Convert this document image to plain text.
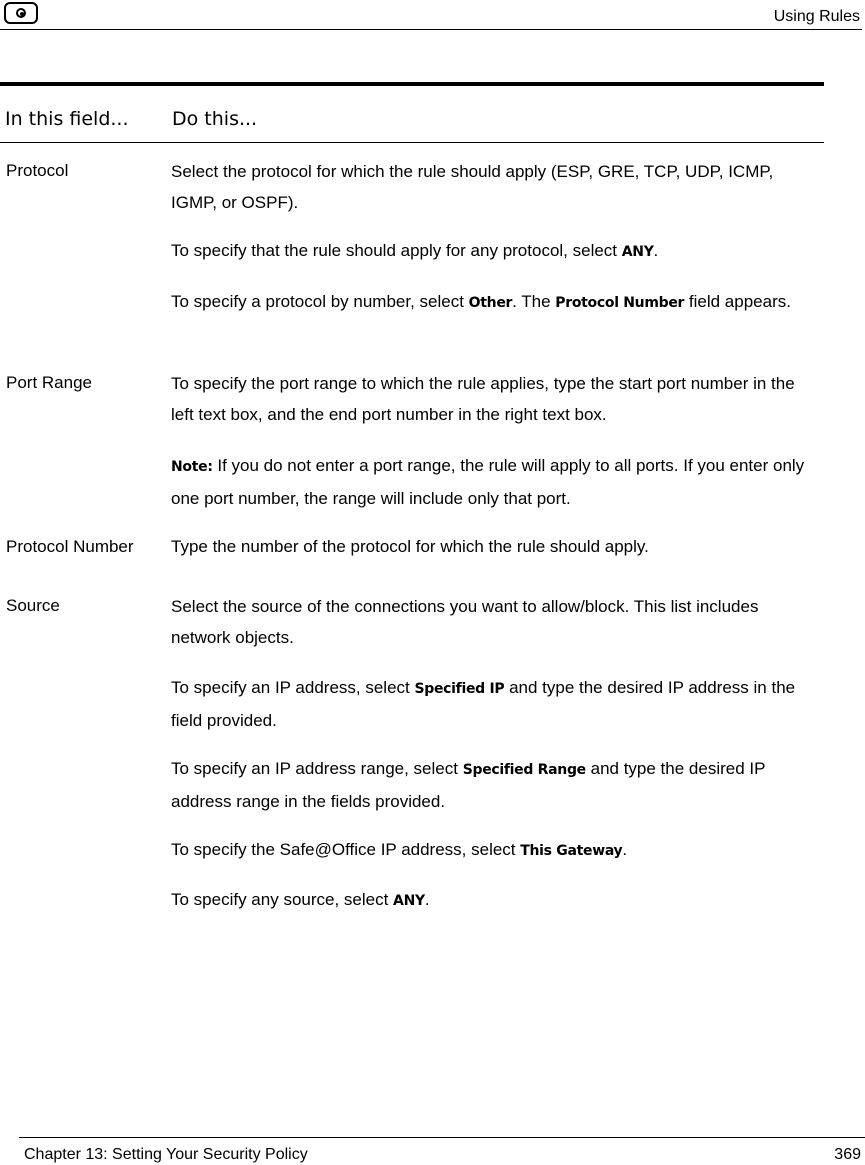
Using Rules
In this field... Do this...
Protocol	Select the protocol for which the rule should apply (ESP, GRE, TCP, UDP, ICMP, IGMP, or OSPF).
To specify that the rule should apply for any protocol, select ANY.
To specify a protocol by number, select Other. The Protocol Number field appears.
Port Range	To specify the port range to which the rule applies, type the start port number in the left text box, and the end port number in the right text box.
Note: If you do not enter a port range, the rule will apply to all ports. If you enter only one port number, the range will include only that port.
Protocol Number Type the number of the protocol for which the rule should apply.
Source	Select the source of the connections you want to allow/block. This list includes network objects.
To specify an IP address, select Specified IP and type the desired IP address in the field provided.
To specify an IP address range, select Specified Range and type the desired IP address range in the fields provided.
To specify the Safe@Office IP address, select This Gateway.
To specify any source, select ANY.
Chapter 13: Setting Your Security Policy	369
